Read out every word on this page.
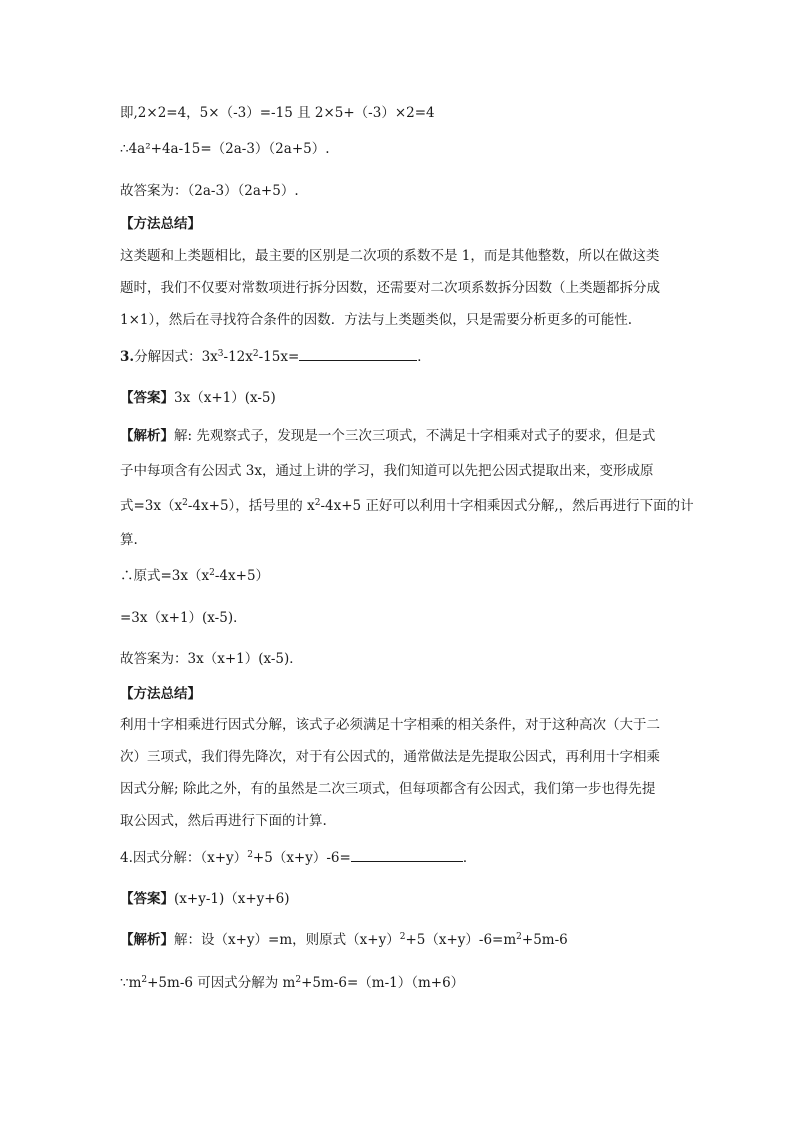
即,2×2=4，5×（-3）=-15 且 2×5+（-3）×2=4
∴4a²+4a-15=（2a-3）（2a+5）.
故答案为：（2a-3）（2a+5）.
【方法总结】
这类题和上类题相比，最主要的区别是二次项的系数不是 1，而是其他整数，所以在做这类
题时，我们不仅要对常数项进行拆分因数，还需要对二次项系数拆分因数（上类题都拆分成
1×1），然后在寻找符合条件的因数．方法与上类题类似，只是需要分析更多的可能性.
3.分解因式：$3x^3-12x^2-15x=$	．
【答案】3x（x+1）(x-5)
【解析】解: 先观察式子，发现是一个三次三项式，不满足十字相乘对式子的要求，但是式
子中每项含有公因式 3x，通过上讲的学习，我们知道可以先把公因式提取出来，变形成原
式$=3x(x^2-4x+5)$，括号里的 $x^2-4x+5$ 正好可以利用十字相乘因式分解,，然后再进行下面的计
算.
∴原式$=3x(x^2-4x+5)$
=3x（x+1）(x-5)．
故答案为：3x（x+1）(x-5)．
【方法总结】
利用十字相乘进行因式分解，该式子必须满足十字相乘的相关条件，对于这种高次（大于二
次）三项式，我们得先降次，对于有公因式的，通常做法是先提取公因式，再利用十字相乘
因式分解; 除此之外，有的虽然是二次三项式，但每项都含有公因式，我们第一步也得先提
取公因式，然后再进行下面的计算.
4.因式分解：$(x+y)^2+5(x+y)-6=$	．
【答案】(x+y-1)（x+y+6)
【解析】解：设（x+y）=m，则原式$(x+y)^2+5(x+y)-6=m^2+5m-6$
$\because m^2+5m-6$ 可因式分解为 $m^2+5m-6=(m-1)(m+6)$
